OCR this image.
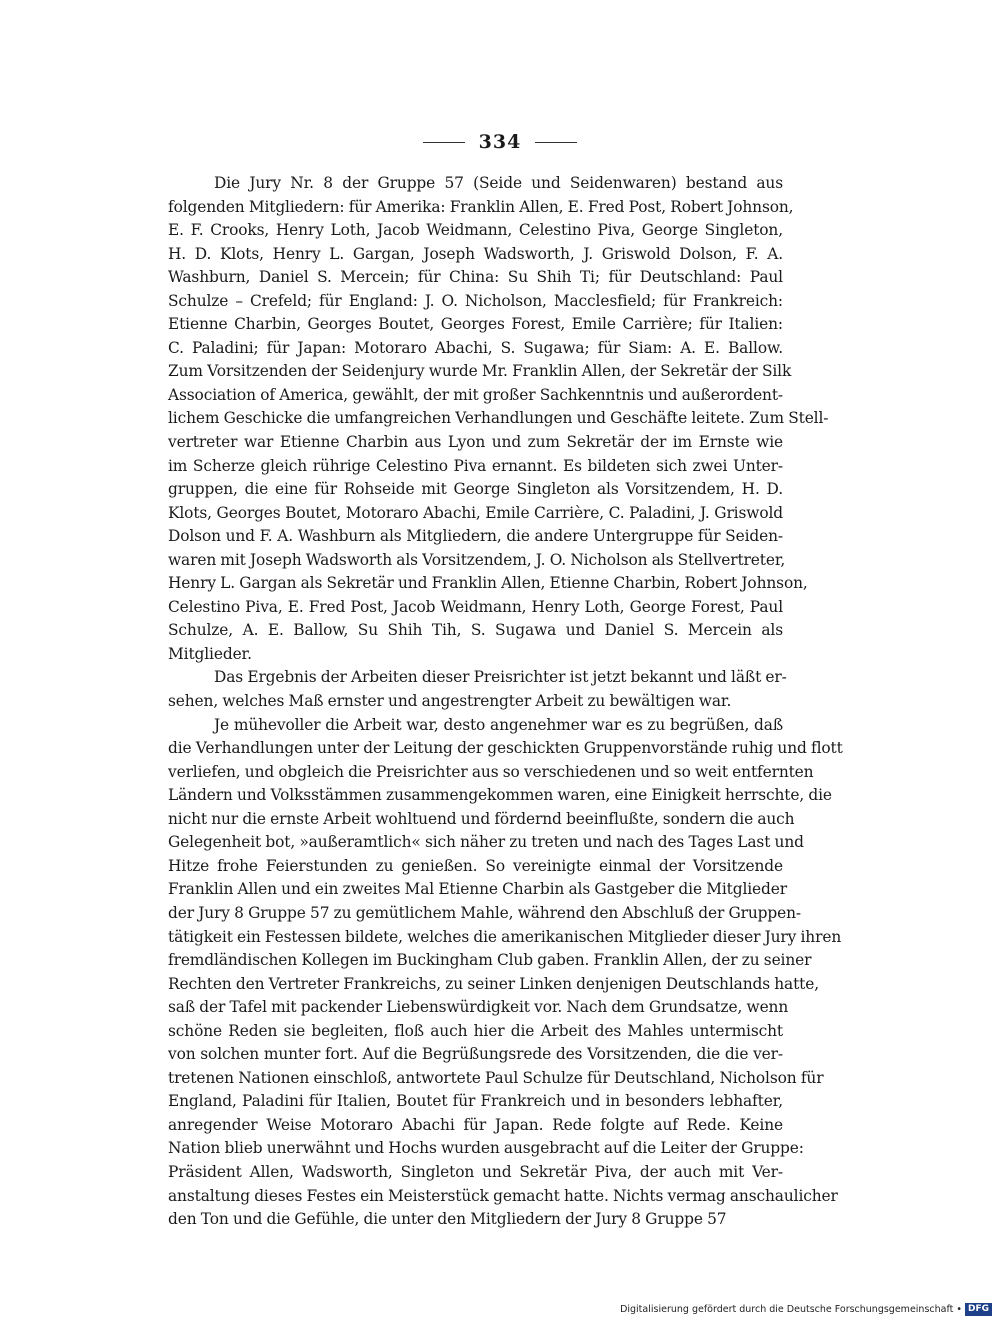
334
Die Jury Nr. 8 der Gruppe 57 (Seide und Seidenwaren) bestand aus
folgenden Mitgliedern: für Amerika: Franklin Allen, E. Fred Post, Robert Johnson,
E. F. Crooks, Henry Loth, Jacob Weidmann, Celestino Piva, George Singleton,
H. D. Klots, Henry L. Gargan, Joseph Wadsworth, J. Griswold Dolson, F. A.
Washburn, Daniel S. Mercein; für China: Su Shih Ti; für Deutschland: Paul
Schulze – Crefeld; für England: J. O. Nicholson, Macclesfield; für Frankreich:
Etienne Charbin, Georges Boutet, Georges Forest, Emile Carrière; für Italien:
C. Paladini; für Japan: Motoraro Abachi, S. Sugawa; für Siam: A. E. Ballow.
Zum Vorsitzenden der Seidenjury wurde Mr. Franklin Allen, der Sekretär der Silk
Association of America, gewählt, der mit großer Sachkenntnis und außerordent-
lichem Geschicke die umfangreichen Verhandlungen und Geschäfte leitete. Zum Stell-
vertreter war Etienne Charbin aus Lyon und zum Sekretär der im Ernste wie
im Scherze gleich rührige Celestino Piva ernannt. Es bildeten sich zwei Unter-
gruppen, die eine für Rohseide mit George Singleton als Vorsitzendem, H. D.
Klots, Georges Boutet, Motoraro Abachi, Emile Carrière, C. Paladini, J. Griswold
Dolson und F. A. Washburn als Mitgliedern, die andere Untergruppe für Seiden-
waren mit Joseph Wadsworth als Vorsitzendem, J. O. Nicholson als Stellvertreter,
Henry L. Gargan als Sekretär und Franklin Allen, Etienne Charbin, Robert Johnson,
Celestino Piva, E. Fred Post, Jacob Weidmann, Henry Loth, George Forest, Paul
Schulze, A. E. Ballow, Su Shih Tih, S. Sugawa und Daniel S. Mercein als
Mitglieder.
Das Ergebnis der Arbeiten dieser Preisrichter ist jetzt bekannt und läßt er-
sehen, welches Maß ernster und angestrengter Arbeit zu bewältigen war.
Je mühevoller die Arbeit war, desto angenehmer war es zu begrüßen, daß
die Verhandlungen unter der Leitung der geschickten Gruppenvorstände ruhig und flott
verliefen, und obgleich die Preisrichter aus so verschiedenen und so weit entfernten
Ländern und Volksstämmen zusammengekommen waren, eine Einigkeit herrschte, die
nicht nur die ernste Arbeit wohltuend und fördernd beeinflußte, sondern die auch
Gelegenheit bot, »außeramtlich« sich näher zu treten und nach des Tages Last und
Hitze frohe Feierstunden zu genießen. So vereinigte einmal der Vorsitzende
Franklin Allen und ein zweites Mal Etienne Charbin als Gastgeber die Mitglieder
der Jury 8 Gruppe 57 zu gemütlichem Mahle, während den Abschluß der Gruppen-
tätigkeit ein Festessen bildete, welches die amerikanischen Mitglieder dieser Jury ihren
fremdländischen Kollegen im Buckingham Club gaben. Franklin Allen, der zu seiner
Rechten den Vertreter Frankreichs, zu seiner Linken denjenigen Deutschlands hatte,
saß der Tafel mit packender Liebenswürdigkeit vor. Nach dem Grundsatze, wenn
schöne Reden sie begleiten, floß auch hier die Arbeit des Mahles untermischt
von solchen munter fort. Auf die Begrüßungsrede des Vorsitzenden, die die ver-
tretenen Nationen einschloß, antwortete Paul Schulze für Deutschland, Nicholson für
England, Paladini für Italien, Boutet für Frankreich und in besonders lebhafter,
anregender Weise Motoraro Abachi für Japan. Rede folgte auf Rede. Keine
Nation blieb unerwähnt und Hochs wurden ausgebracht auf die Leiter der Gruppe:
Präsident Allen, Wadsworth, Singleton und Sekretär Piva, der auch mit Ver-
anstaltung dieses Festes ein Meisterstück gemacht hatte. Nichts vermag anschaulicher
den Ton und die Gefühle, die unter den Mitgliedern der Jury 8 Gruppe 57
Digitalisierung gefördert durch die Deutsche Forschungsgemeinschaft • DFG
